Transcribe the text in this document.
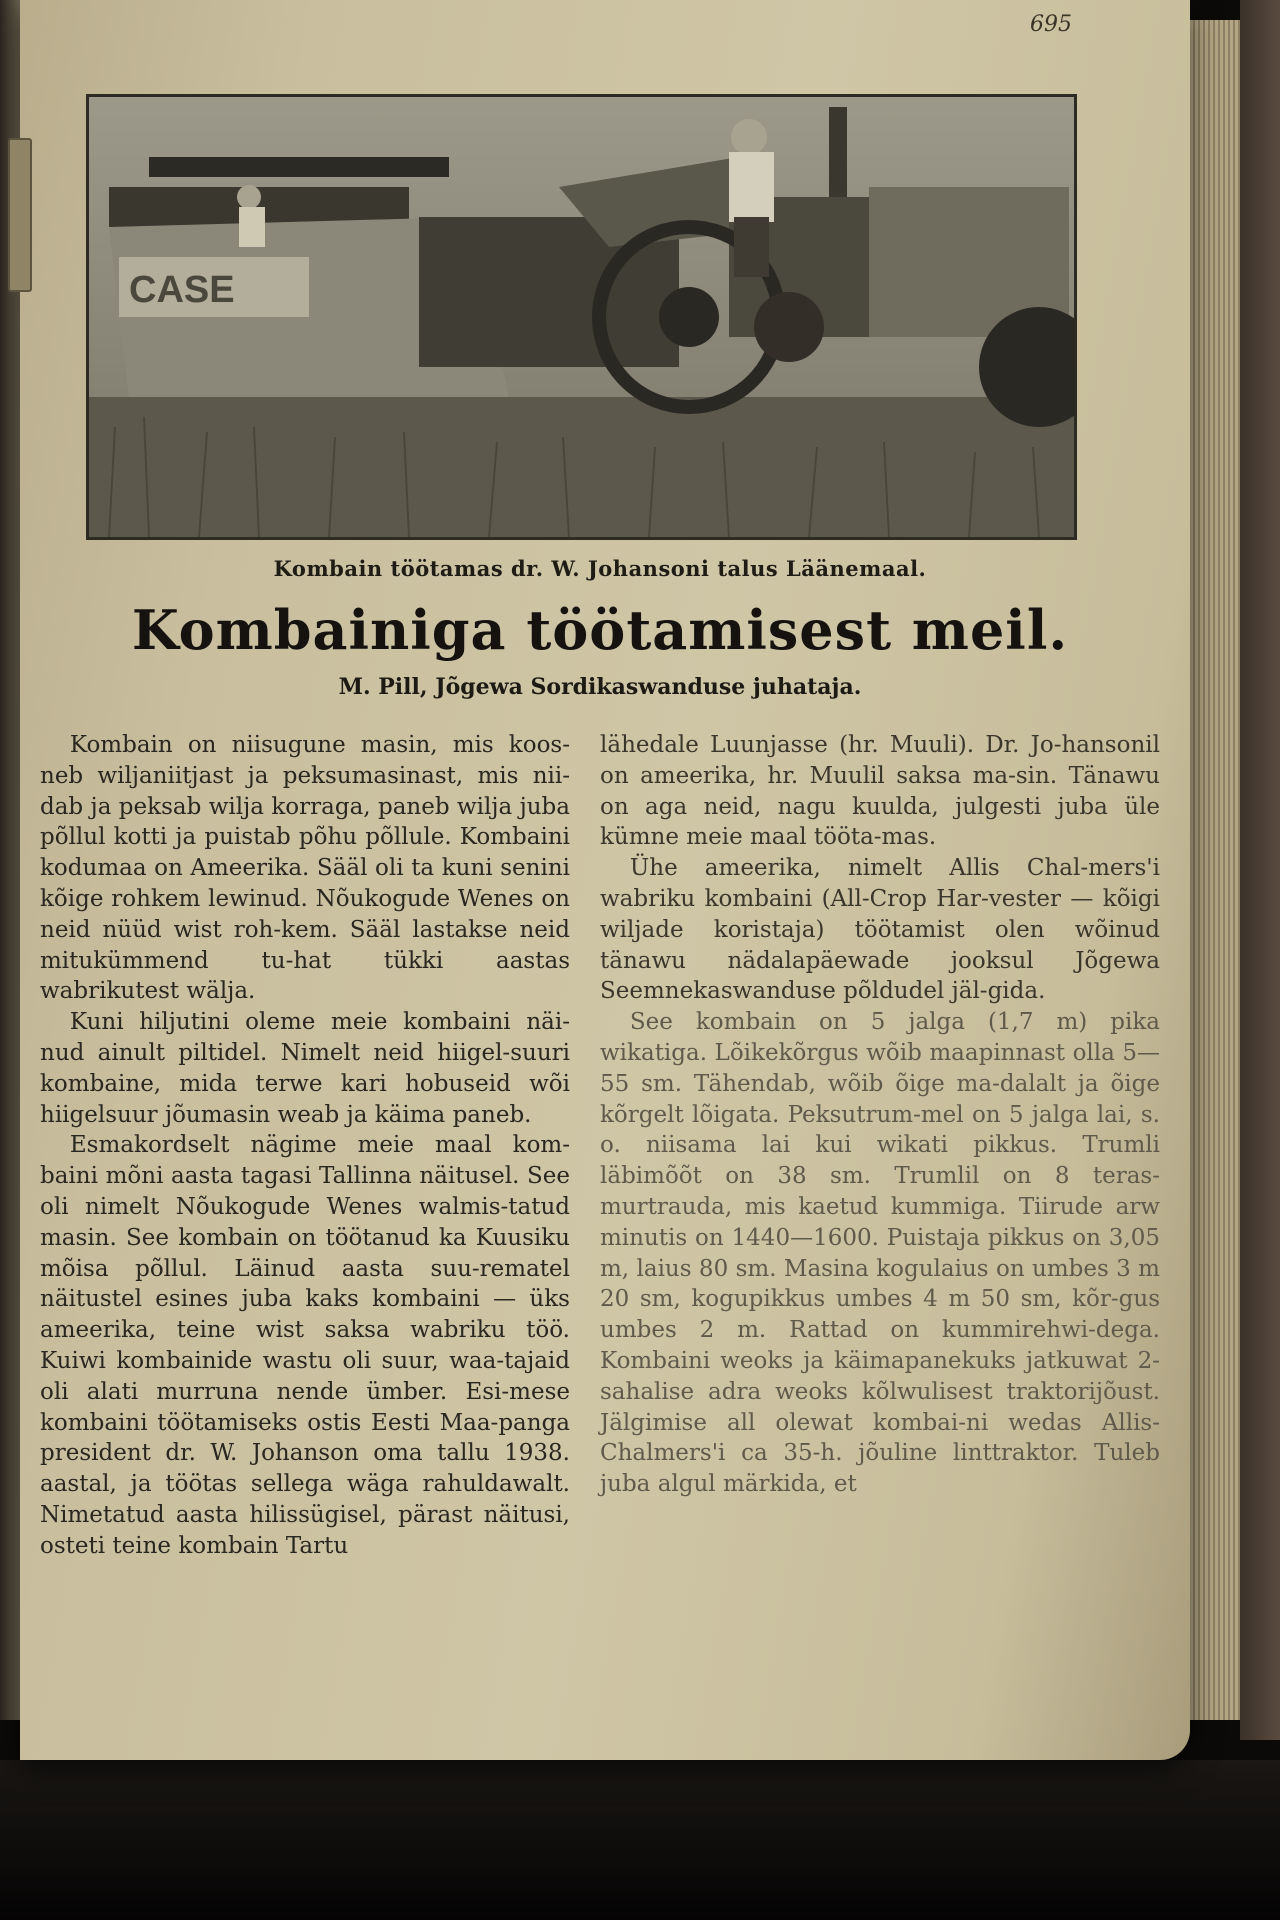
695
CASE
Kombain töötamas dr. W. Johansoni talus Läänemaal.
Kombainiga töötamisest meil.
M. Pill, Jõgewa Sordikaswanduse juhataja.

Kombain on niisugune masin, mis koos-neb wiljaniitjast ja peksumasinast, mis nii-dab ja peksab wilja korraga, paneb wilja juba põllul kotti ja puistab põhu põllule. Kombaini kodumaa on Ameerika. Sääl oli ta kuni senini kõige rohkem lewinud. Nõukogude Wenes on neid nüüd wist roh-kem. Sääl lastakse neid mitukümmend tu-hat tükki aastas wabrikutest wälja.

Kuni hiljutini oleme meie kombaini näi-nud ainult piltidel. Nimelt neid hiigel-suuri kombaine, mida terwe kari hobuseid wõi hiigelsuur jõumasin weab ja käima paneb.

Esmakordselt nägime meie maal kom-baini mõni aasta tagasi Tallinna näitusel. See oli nimelt Nõukogude Wenes walmis-tatud masin. See kombain on töötanud ka Kuusiku mõisa põllul. Läinud aasta suu-rematel näitustel esines juba kaks kombaini — üks ameerika, teine wist saksa wabriku töö. Kuiwi kombainide wastu oli suur, waa-tajaid oli alati murruna nende ümber. Esi-mese kombaini töötamiseks ostis Eesti Maa-panga president dr. W. Johanson oma tallu 1938. aastal, ja töötas sellega wäga rahuldawalt. Nimetatud aasta hilissügisel, pärast näitusi, osteti teine kombain Tartu

lähedale Luunjasse (hr. Muuli). Dr. Jo-hansonil on ameerika, hr. Muulil saksa ma-sin. Tänawu on aga neid, nagu kuulda, julgesti juba üle kümne meie maal tööta-mas.

Ühe ameerika, nimelt Allis Chal-mers'i wabriku kombaini (All-Crop Har-vester — kõigi wiljade koristaja) töötamist olen wõinud tänawu nädalapäewade jooksul Jõgewa Seemnekaswanduse põldudel jäl-gida.

See kombain on 5 jalga (1,7 m) pika wikatiga. Lõikekõrgus wõib maapinnast olla 5—55 sm. Tähendab, wõib õige ma-dalalt ja õige kõrgelt lõigata. Peksutrum-mel on 5 jalga lai, s. o. niisama lai kui wikati pikkus. Trumli läbimõõt on 38 sm. Trumlil on 8 teras-murtrauda, mis kaetud kummiga. Tiirude arw minutis on 1440—1600. Puistaja pikkus on 3,05 m, laius 80 sm. Masina kogulaius on umbes 3 m 20 sm, kogupikkus umbes 4 m 50 sm, kõr-gus umbes 2 m. Rattad on kummirehwi-dega. Kombaini weoks ja käimapanekuks jatkuwat 2-sahalise adra weoks kõlwulisest traktorijõust. Jälgimise all olewat kombai-ni wedas Allis-Chalmers'i ca 35-h. jõuline linttraktor. Tuleb juba algul märkida, et
